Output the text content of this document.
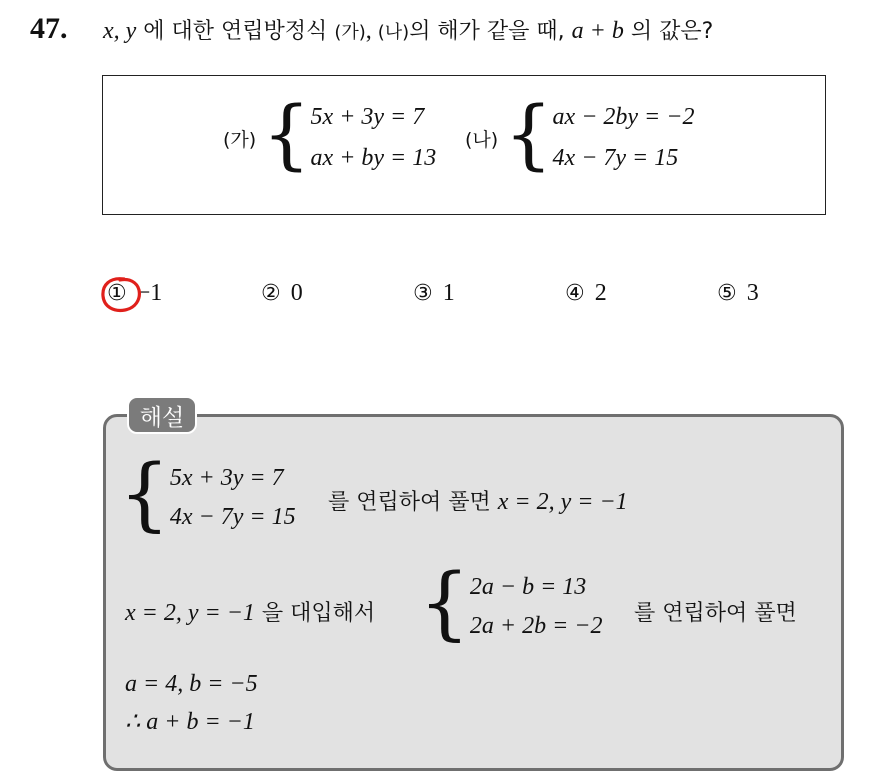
47. x, y 에 대한 연립방정식 (가), (나)의 해가 같을 때, a + b 의 값은?
(가) { 5x + 3y = 7
ax + by = 13
(나) { ax − 2by = −2
4x − 7y = 15
① −1	② 0	③ 1	④ 2	⑤ 3
해설
{ 5x + 3y = 7
4x − 7y = 15
를 연립하여 풀면 x = 2, y = −1
x = 2, y = −1 을 대입해서 { 2a − b = 13
2a + 2b = −2 를 연립하여 풀면
a = 4, b = −5
∴ a + b = −1
